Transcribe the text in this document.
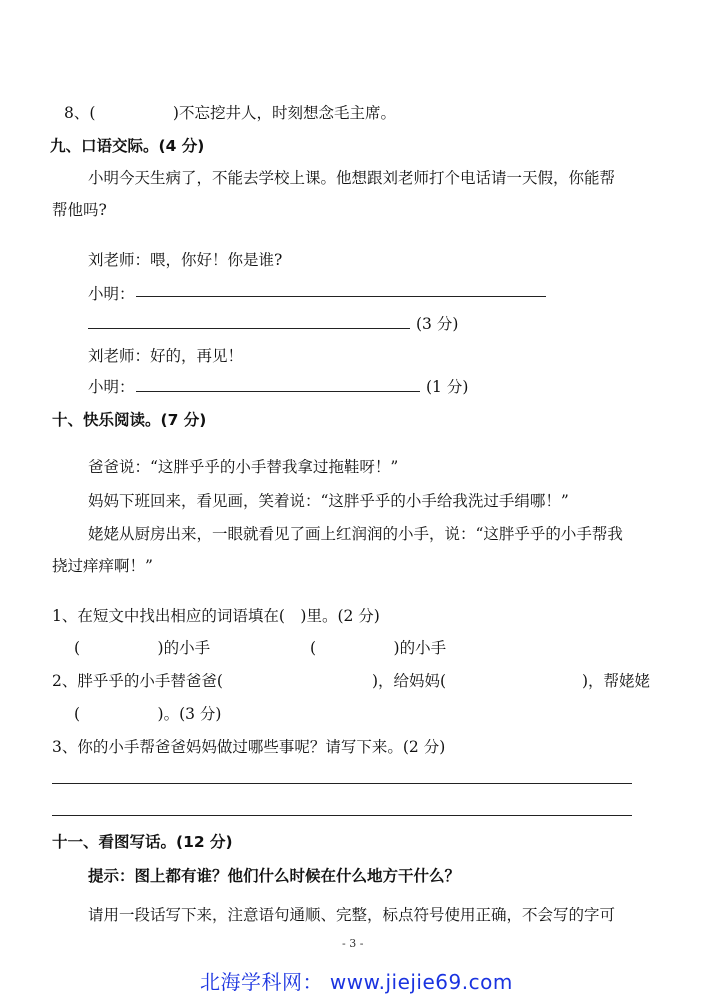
8、(　　　　　)不忘挖井人，时刻想念毛主席。
九、口语交际。(4 分)
小明今天生病了，不能去学校上课。他想跟刘老师打个电话请一天假，你能帮
帮他吗?
刘老师：喂，你好！你是谁?
小明：
(3 分)
刘老师：好的，再见！
小明：	(1 分)
十、快乐阅读。(7 分)
爸爸说：“这胖乎乎的小手替我拿过拖鞋呀！”
妈妈下班回来，看见画，笑着说：“这胖乎乎的小手给我洗过手绢哪！”
姥姥从厨房出来，一眼就看见了画上红润润的小手，说：“这胖乎乎的小手帮我
挠过痒痒啊！”
1、在短文中找出相应的词语填在(　)里。(2 分)
(　　　　　)的小手	(　　　　　)的小手
2、胖乎乎的小手替爸爸(	)，给妈妈(	)，帮姥姥
(　　　　　)。(3 分)
3、你的小手帮爸爸妈妈做过哪些事呢？请写下来。(2 分)
十一、看图写话。(12 分)
提示：图上都有谁？他们什么时候在什么地方干什么？
请用一段话写下来，注意语句通顺、完整，标点符号使用正确，不会写的字可
- 3 -
北海学科网： www.jiejie69.com
